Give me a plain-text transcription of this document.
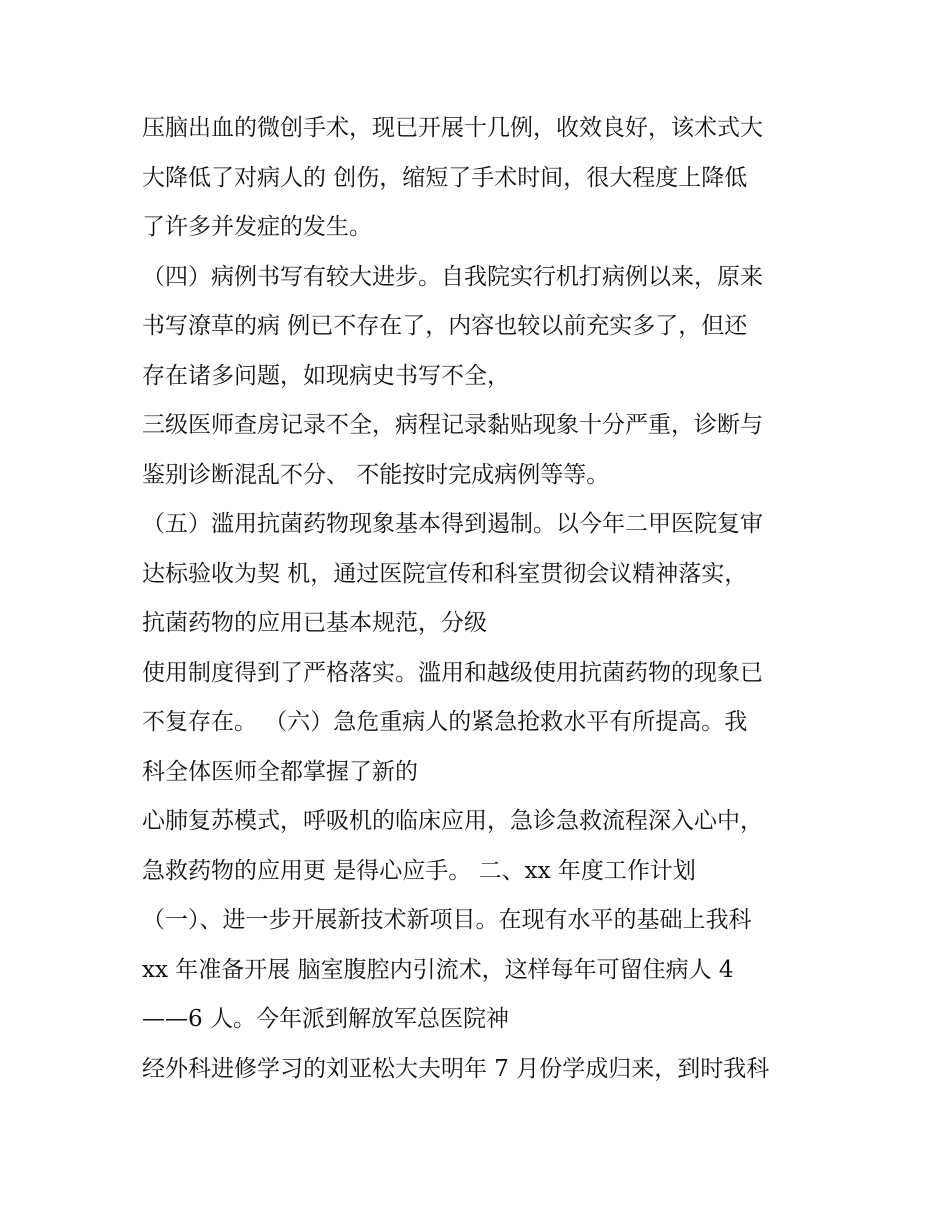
压脑出血的微创手术，现已开展十几例，收效良好，该术式大
大降低了对病人的 创伤，缩短了手术时间，很大程度上降低
了许多并发症的发生。
（四）病例书写有较大进步。自我院实行机打病例以来，原来
书写潦草的病 例已不存在了，内容也较以前充实多了，但还
存在诸多问题，如现病史书写不全，
三级医师查房记录不全，病程记录黏贴现象十分严重，诊断与
鉴别诊断混乱不分、 不能按时完成病例等等。
（五）滥用抗菌药物现象基本得到遏制。以今年二甲医院复审
达标验收为契 机，通过医院宣传和科室贯彻会议精神落实，
抗菌药物的应用已基本规范，分级
使用制度得到了严格落实。滥用和越级使用抗菌药物的现象已
不复存在。 （六）急危重病人的紧急抢救水平有所提高。我
科全体医师全都掌握了新的
心肺复苏模式，呼吸机的临床应用，急诊急救流程深入心中，
急救药物的应用更 是得心应手。 二、xx 年度工作计划
（一）、进一步开展新技术新项目。在现有水平的基础上我科
xx 年准备开展 脑室腹腔内引流术，这样每年可留住病人 4
——6 人。今年派到解放军总医院神
经外科进修学习的刘亚松大夫明年 7 月份学成归来，到时我科
